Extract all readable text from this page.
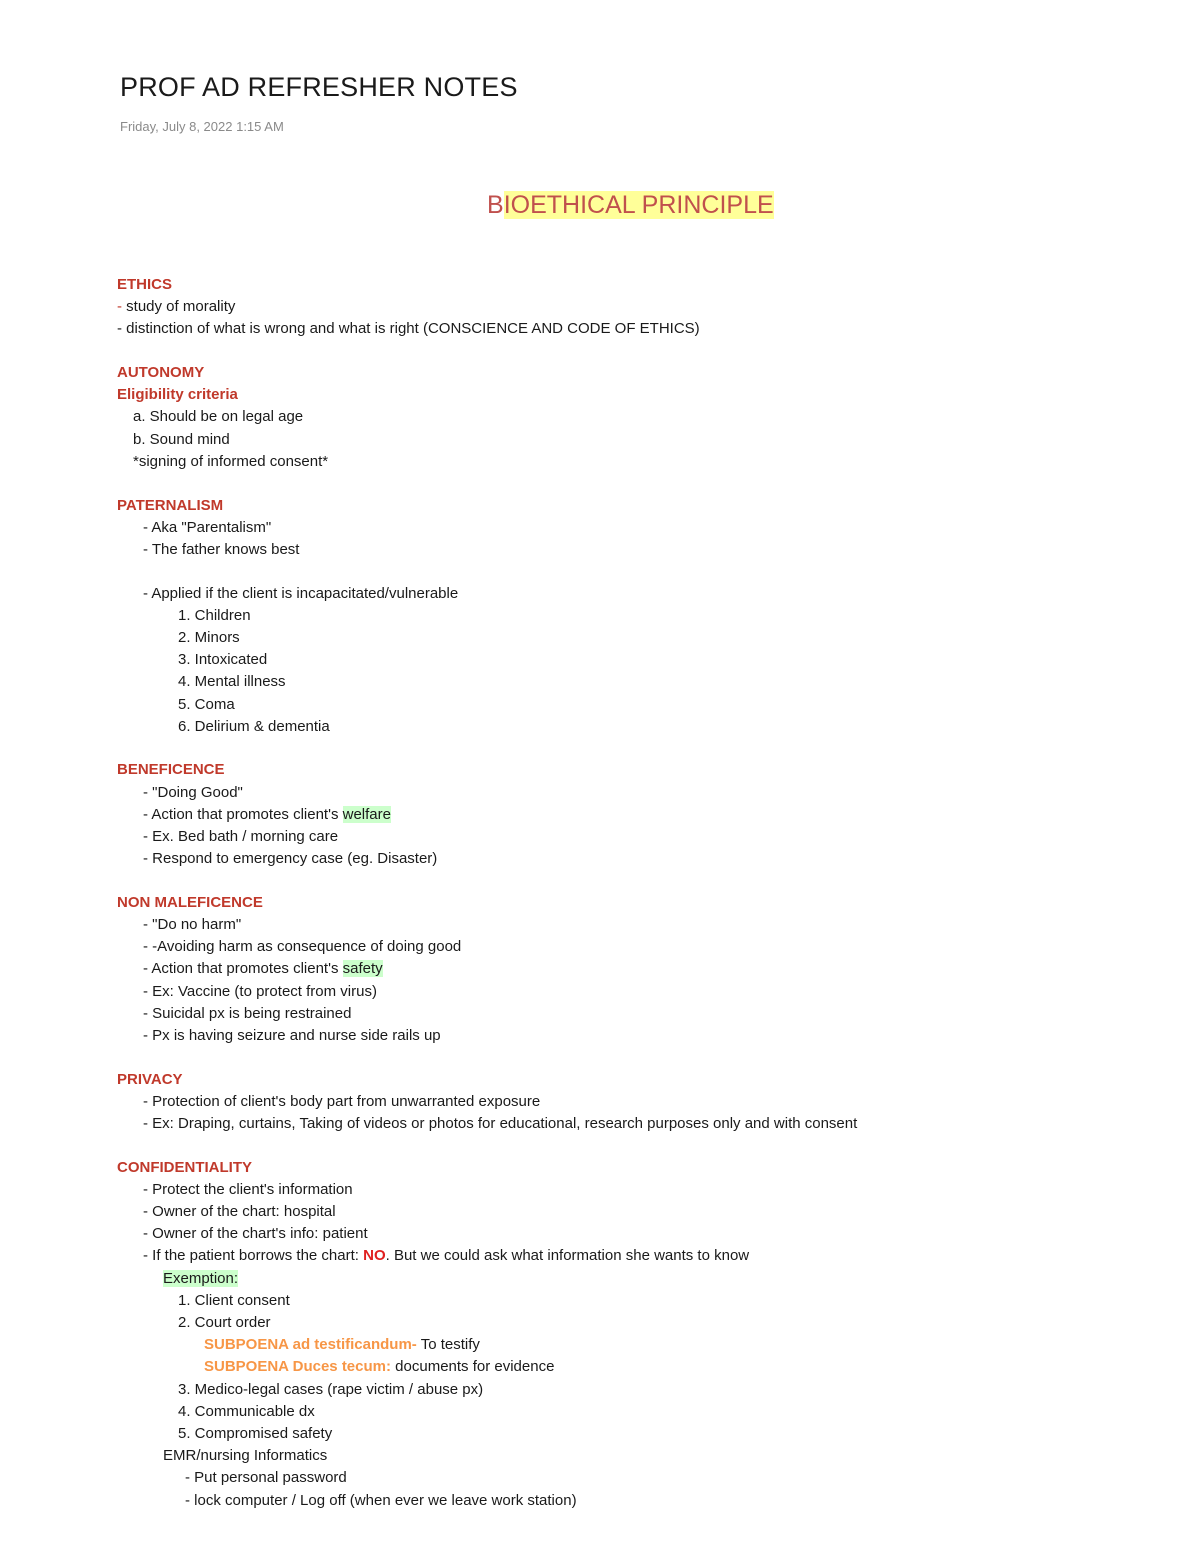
PROF AD REFRESHER NOTES
Friday, July 8, 2022 1:15 AM
BIOETHICAL PRINCIPLE
ETHICS
- study of morality
- distinction of what is wrong and what is right (CONSCIENCE AND CODE OF ETHICS)
AUTONOMY
Eligibility criteria
a. Should be on legal age
b. Sound mind
*signing of informed consent*
PATERNALISM
- Aka "Parentalism"
- The father knows best
- Applied if the client is incapacitated/vulnerable
1. Children
2. Minors
3. Intoxicated
4. Mental illness
5. Coma
6. Delirium & dementia
BENEFICENCE
- "Doing Good"
- Action that promotes client's welfare
- Ex. Bed bath / morning care
- Respond to emergency case (eg. Disaster)
NON MALEFICENCE
- "Do no harm"
- -Avoiding harm as consequence of doing good
- Action that promotes client's safety
- Ex: Vaccine (to protect from virus)
- Suicidal px is being restrained
- Px is having seizure and nurse side rails up
PRIVACY
- Protection of client's body part from unwarranted exposure
- Ex: Draping, curtains, Taking of videos or photos for educational, research purposes only and with consent
CONFIDENTIALITY
- Protect the client's information
- Owner of the chart: hospital
- Owner of the chart's info: patient
- If the patient borrows the chart: NO. But we could ask what information she wants to know
Exemption:
1. Client consent
2. Court order
SUBPOENA ad testificandum- To testify
SUBPOENA Duces tecum: documents for evidence
3. Medico-legal cases (rape victim / abuse px)
4. Communicable dx
5. Compromised safety
EMR/nursing Informatics
- Put personal password
- lock computer / Log off (when ever we leave work station)
